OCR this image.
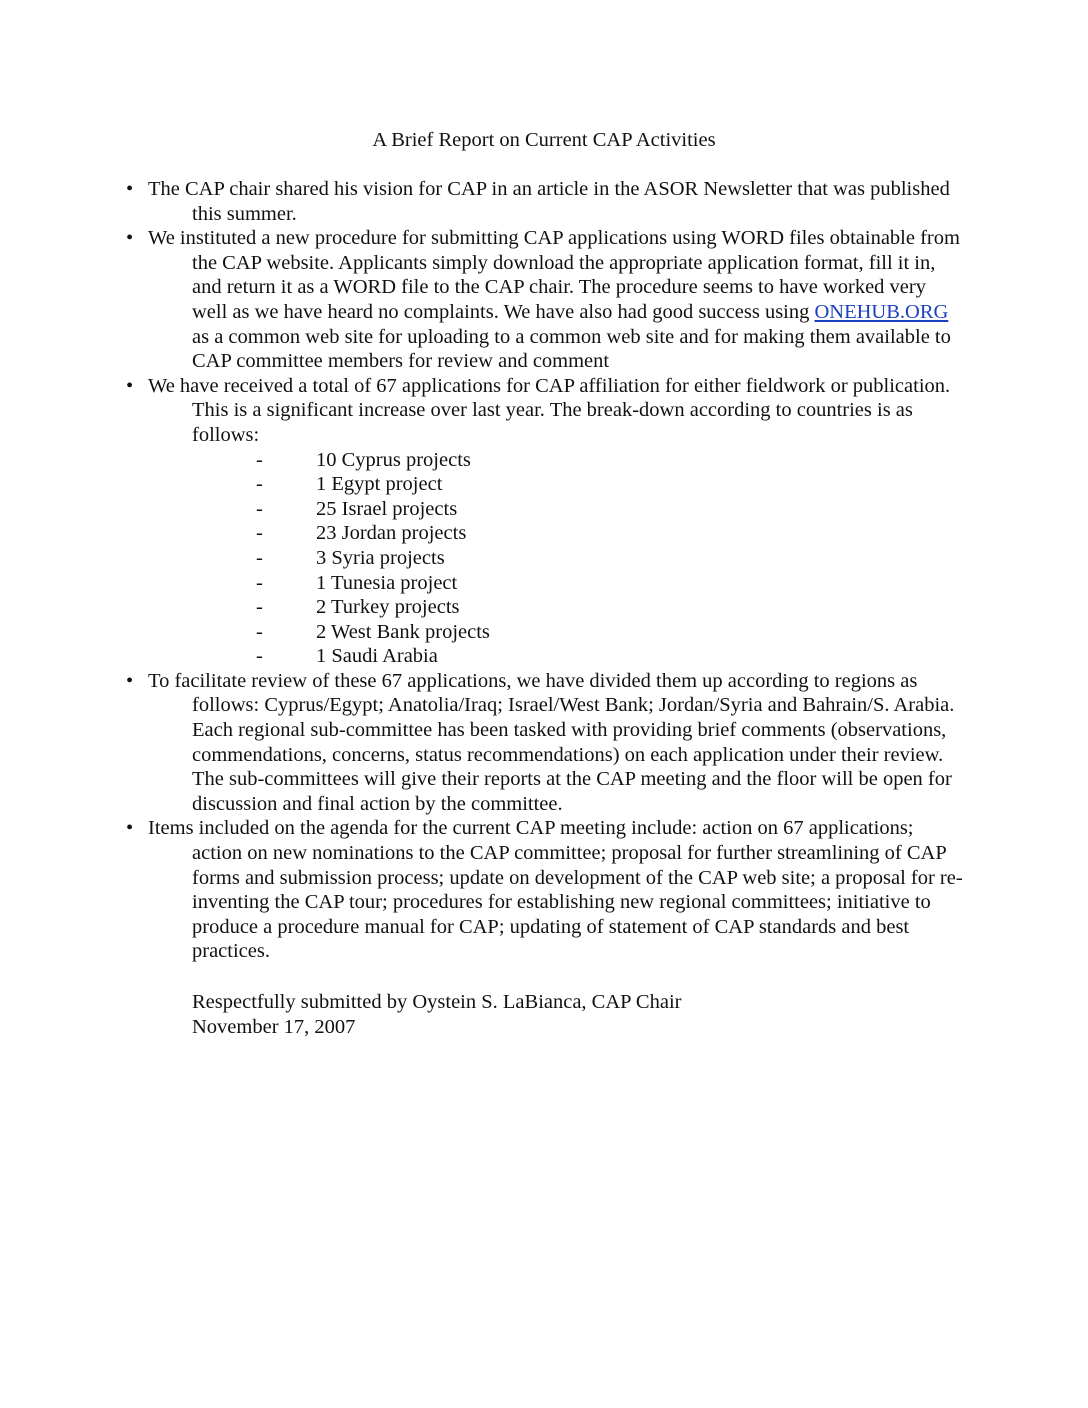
A Brief Report on Current CAP Activities
• The CAP chair shared his vision for CAP in an article in the ASOR Newsletter that was published this summer.
• We instituted a new procedure for submitting CAP applications using WORD files obtainable from the CAP website. Applicants simply download the appropriate application format, fill it in, and return it as a WORD file to the CAP chair. The procedure seems to have worked very well as we have heard no complaints. We have also had good success using ONEHUB.ORG as a common web site for uploading to a common web site and for making them available to CAP committee members for review and comment
• We have received a total of 67 applications for CAP affiliation for either fieldwork or publication. This is a significant increase over last year. The break-down according to countries is as follows:
-	10 Cyprus projects
-	1 Egypt project
-	25 Israel projects
-	23 Jordan projects
-	3 Syria projects
-	1 Tunesia project
-	2 Turkey projects
-	2 West Bank projects
-	1 Saudi Arabia
• To facilitate review of these 67 applications, we have divided them up according to regions as follows: Cyprus/Egypt; Anatolia/Iraq; Israel/West Bank; Jordan/Syria and Bahrain/S. Arabia. Each regional sub-committee has been tasked with providing brief comments (observations, commendations, concerns, status recommendations) on each application under their review. The sub-committees will give their reports at the CAP meeting and the floor will be open for discussion and final action by the committee.
• Items included on the agenda for the current CAP meeting include: action on 67 applications; action on new nominations to the CAP committee; proposal for further streamlining of CAP forms and submission process; update on development of the CAP web site; a proposal for re-inventing the CAP tour; procedures for establishing new regional committees; initiative to produce a procedure manual for CAP; updating of statement of CAP standards and best practices.
Respectfully submitted by Oystein S. LaBianca, CAP Chair
November 17, 2007
